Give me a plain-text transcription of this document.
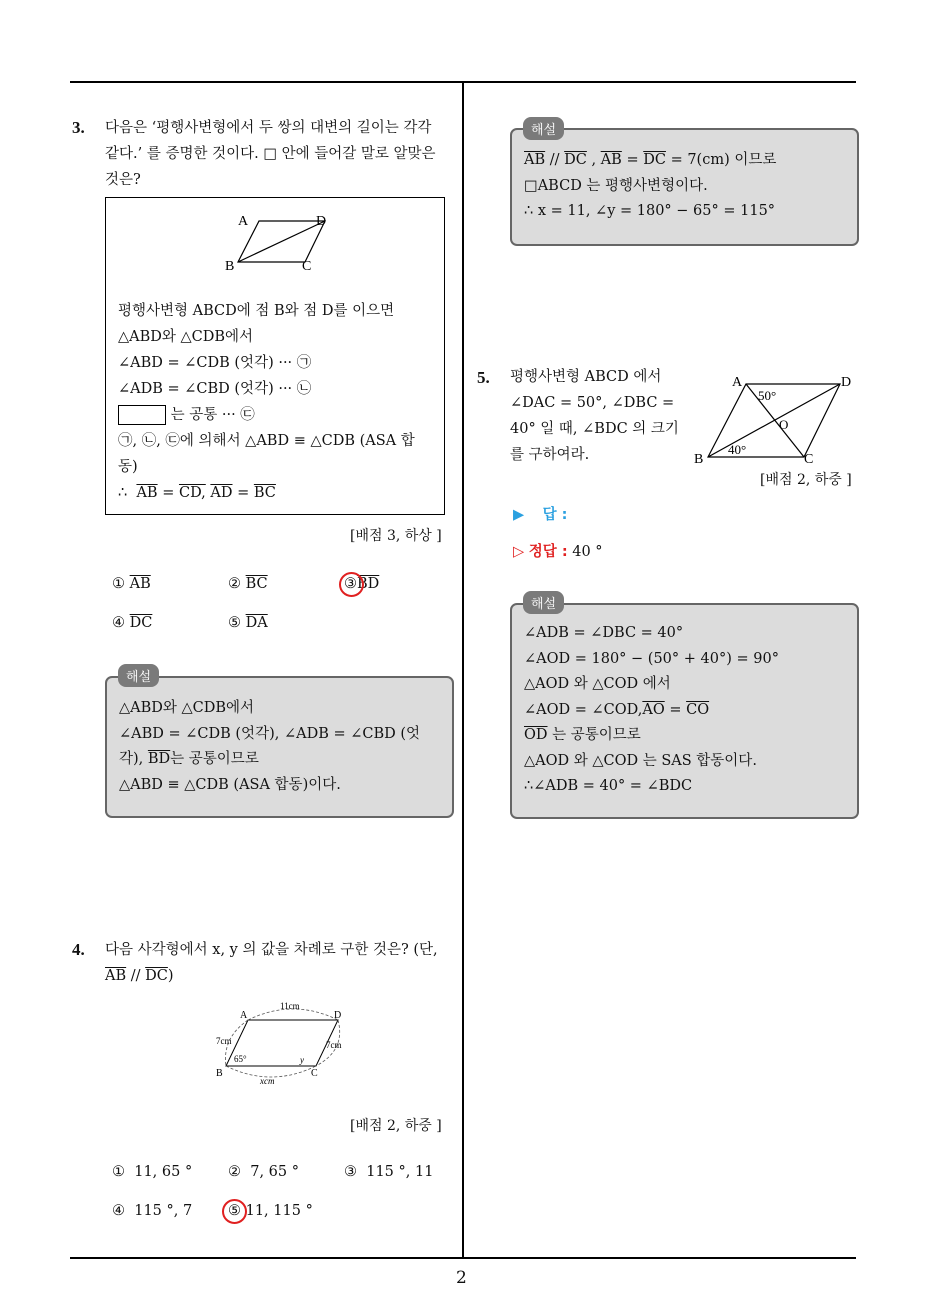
2
3. 다음은 ‘평행사변형에서 두 쌍의 대변의 길이는 각각
같다.’ 를 증명한 것이다. □ 안에 들어갈 말로 알맞은
것은?
A	D
B	C

평행사변형 ABCD에 점 B와 점 D를 이으면

△ABD와 △CDB에서

∠ABD = ∠CDB (엇각) ··· ㉠

∠ADB = ∠CBD (엇각) ··· ㉡

는 공통 ··· ㉢

㉠, ㉡, ㉢에 의해서 △ABD ≡ △CDB (ASA 합

동)

∴ $\overline{AB}$ = CD, $\overline{AD} = \overline{BC}$

[배점 3, 하상 ]
① $\overline{AB}$	② $\overline{BC}$	$③\overline{BD}$
④ $\overline{DC}$	⑤ $\overline{DA}$

△ABD와 △CDB에서

∠ABD = ∠CDB (엇각), ∠ADB = ∠CBD (엇

각), $\overline{BD}$는 공통이므로

△ABD ≡ △CDB (ASA 합동)이다.

해설
4. 다음 사각형에서 x, y 의 값을 차례로 구한 것은? (단,
$\overline{AB} // \overline{DC}$)
A	D
B	C
11cm
7cm	7cm
xcm
65°	y
[배점 2, 하중 ]
① 11, 65 ° ② 7, 65 °	③ 115 °, 11
④ 115 °, 7 ⑤ 11, 115 °

$\overline{AB} // \overline{DC}$ , $\overline{AB} = \overline{DC} = 7(cm)$ 이므로

□ABCD 는 평행사변형이다.

∴ x = 11, ∠y = 180° − 65° = 115°

해설
5. 평행사변형 ABCD 에서
∠DAC = 50°, ∠DBC =
40° 일 때, ∠BDC 의 크기
를 구하여라.
A	D
B	C
O
50°
40°
[배점 2, 하중 ]
▶ 답 :
▷ 정답 : 40 °

∠ADB = ∠DBC = 40°

∠AOD = 180° − (50° + 40°) = 90°

△AOD 와 △COD 에서

∠AOD = $\angle COD,\overline{AO} = \overline{CO}$

$\overline{OD}$ 는 공통이므로

△AOD 와 △COD 는 SAS 합동이다.

∴∠ADB = 40° = ∠BDC

해설
